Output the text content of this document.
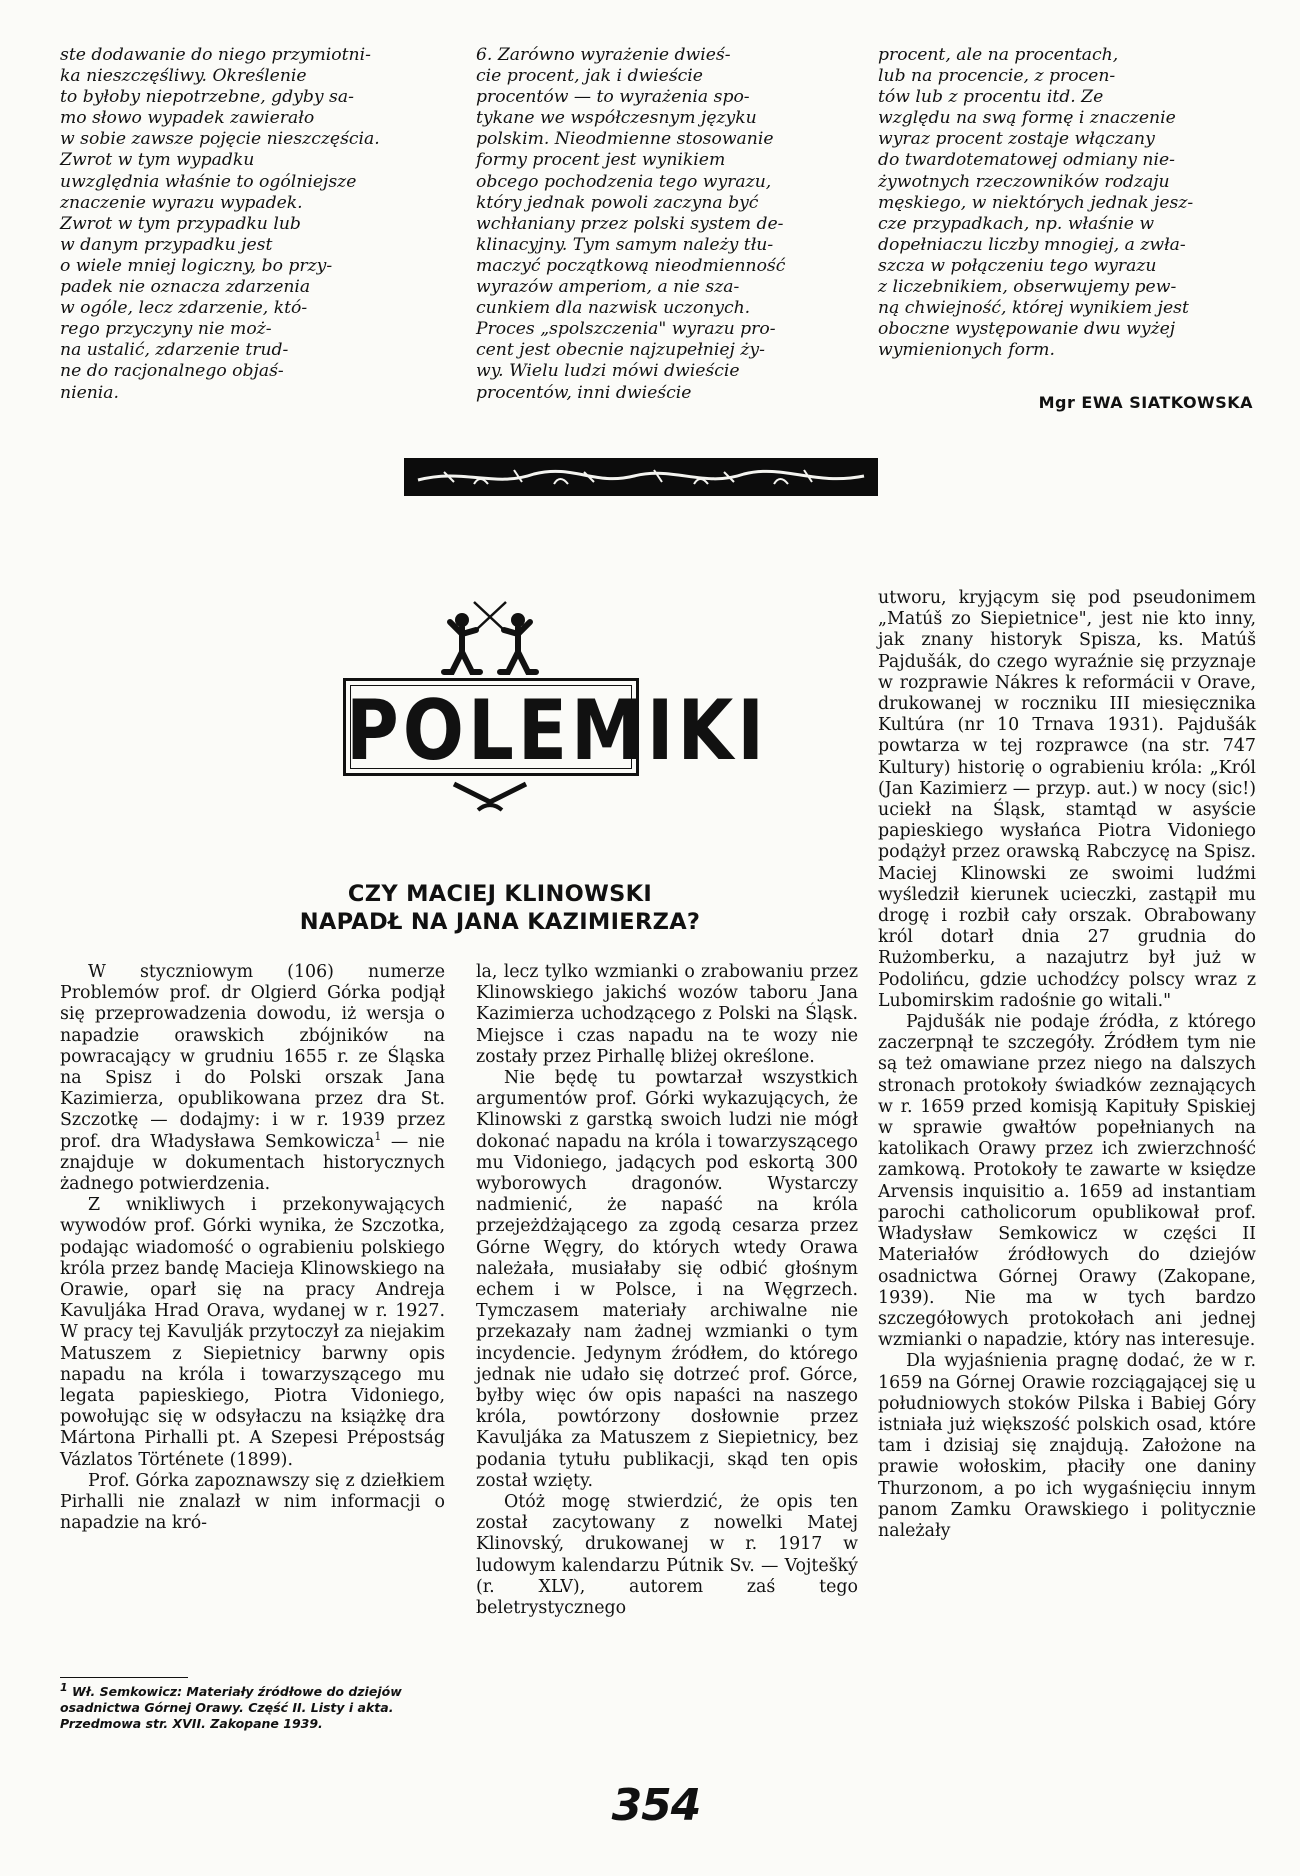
ste dodawanie do niego przymiotni-
ka nieszczęśliwy. Określenie
to byłoby niepotrzebne, gdyby sa-
mo słowo wypadek zawierało
w sobie zawsze pojęcie nieszczęścia.
Zwrot w tym wypadku
uwzględnia właśnie to ogólniejsze
znaczenie wyrazu wypadek.
Zwrot w tym przypadku lub
w danym przypadku jest
o wiele mniej logiczny, bo przy-
padek nie oznacza zdarzenia
w ogóle, lecz zdarzenie, któ-
rego przyczyny nie moż-
na ustalić, zdarzenie trud-
ne do racjonalnego objaś-
nienia.
6. Zarówno wyrażenie dwieś-
cie procent, jak i dwieście
procentów — to wyrażenia spo-
tykane we współczesnym języku
polskim. Nieodmienne stosowanie
formy procent jest wynikiem
obcego pochodzenia tego wyrazu,
który jednak powoli zaczyna być
wchłaniany przez polski system de-
klinacyjny. Tym samym należy tłu-
maczyć początkową nieodmienność
wyrazów amperiom, a nie sza-
cunkiem dla nazwisk uczonych.
Proces „spolszczenia" wyrazu pro-
cent jest obecnie najzupełniej ży-
wy. Wielu ludzi mówi dwieście
procentów, inni dwieście
procent, ale na procentach,
lub na procencie, z procen-
tów lub z procentu itd. Ze
względu na swą formę i znaczenie
wyraz procent zostaje włączany
do twardotematowej odmiany nie-
żywotnych rzeczowników rodzaju
męskiego, w niektórych jednak jesz-
cze przypadkach, np. właśnie w
dopełniaczu liczby mnogiej, a zwła-
szcza w połączeniu tego wyrazu
z liczebnikiem, obserwujemy pew-
ną chwiejność, której wynikiem jest
oboczne występowanie dwu wyżej
wymienionych form.
Mgr EWA SIATKOWSKA
POLEMIKI
CZY MACIEJ KLINOWSKI
NAPADŁ NA JANA KAZIMIERZA?

W styczniowym (106) numerze Problemów prof. dr Olgierd Górka podjął się przeprowadzenia dowodu, iż wersja o napadzie orawskich zbójników na powracający w grudniu 1655 r. ze Śląska na Spisz i do Polski orszak Jana Kazimierza, opublikowana przez dra St. Szczotkę — dodajmy: i w r. 1939 przez prof. dra Władysława Semkowicza$^1$ — nie znajduje w dokumentach historycznych żadnego potwierdzenia.

Z wnikliwych i przekonywających wywodów prof. Górki wynika, że Szczotka, podając wiadomość o ograbieniu polskiego króla przez bandę Macieja Klinowskiego na Orawie, oparł się na pracy Andreja Kavuljáka Hrad Orava, wydanej w r. 1927. W pracy tej Kavulják przytoczył za niejakim Matuszem z Siepietnicy barwny opis napadu na króla i towarzyszącego mu legata papieskiego, Piotra Vidoniego, powołując się w odsyłaczu na książkę dra Mártona Pirhalli pt. A Szepesi Prépostság Vázlatos Története (1899).

Prof. Górka zapoznawszy się z dziełkiem Pirhalli nie znalazł w nim informacji o napadzie na kró-

$^1$ Wł. Semkowicz: Materiały źródłowe do dziejów osadnictwa Górnej Orawy. Część II. Listy i akta. Przedmowa str. XVII. Zakopane 1939.

la, lecz tylko wzmianki o zrabowaniu przez Klinowskiego jakichś wozów taboru Jana Kazimierza uchodzącego z Polski na Śląsk. Miejsce i czas napadu na te wozy nie zostały przez Pirhallę bliżej określone.

Nie będę tu powtarzał wszystkich argumentów prof. Górki wykazujących, że Klinowski z garstką swoich ludzi nie mógł dokonać napadu na króla i towarzyszącego mu Vidoniego, jadących pod eskortą 300 wyborowych dragonów. Wystarczy nadmienić, że napaść na króla przejeżdżającego za zgodą cesarza przez Górne Węgry, do których wtedy Orawa należała, musiałaby się odbić głośnym echem i w Polsce, i na Węgrzech. Tymczasem materiały archiwalne nie przekazały nam żadnej wzmianki o tym incydencie. Jedynym źródłem, do którego jednak nie udało się dotrzeć prof. Górce, byłby więc ów opis napaści na naszego króla, powtórzony dosłownie przez Kavuljáka za Matuszem z Siepietnicy, bez podania tytułu publikacji, skąd ten opis został wzięty.

Otóż mogę stwierdzić, że opis ten został zacytowany z nowelki Matej Klinovský, drukowanej w r. 1917 w ludowym kalendarzu Pútnik Sv. — Vojtešký (r. XLV), autorem zaś tego beletrystycznego

utworu, kryjącym się pod pseudonimem „Matúš zo Siepietnice", jest nie kto inny, jak znany historyk Spisza, ks. Matúš Pajdušák, do czego wyraźnie się przyznaje w rozprawie Nákres k reformácii v Orave, drukowanej w roczniku III miesięcznika Kultúra (nr 10 Trnava 1931). Pajdušák powtarza w tej rozprawce (na str. 747 Kultury) historię o ograbieniu króla: „Król (Jan Kazimierz — przyp. aut.) w nocy (sic!) uciekł na Śląsk, stamtąd w asyście papieskiego wysłańca Piotra Vidoniego podążył przez orawską Rabczycę na Spisz. Maciej Klinowski ze swoimi ludźmi wyśledził kierunek ucieczki, zastąpił mu drogę i rozbił cały orszak. Obrabowany król dotarł dnia 27 grudnia do Rużomberku, a nazajutrz był już w Podolińcu, gdzie uchodźcy polscy wraz z Lubomirskim radośnie go witali."

Pajdušák nie podaje źródła, z którego zaczerpnął te szczegóły. Źródłem tym nie są też omawiane przez niego na dalszych stronach protokoły świadków zeznających w r. 1659 przed komisją Kapituły Spiskiej w sprawie gwałtów popełnianych na katolikach Orawy przez ich zwierzchność zamkową. Protokoły te zawarte w księdze Arvensis inquisitio a. 1659 ad instantiam parochi catholicorum opublikował prof. Władysław Semkowicz w części II Materiałów źródłowych do dziejów osadnictwa Górnej Orawy (Zakopane, 1939). Nie ma w tych bardzo szczegółowych protokołach ani jednej wzmianki o napadzie, który nas interesuje.

Dla wyjaśnienia pragnę dodać, że w r. 1659 na Górnej Orawie rozciągającej się u południowych stoków Pilska i Babiej Góry istniała już większość polskich osad, które tam i dzisiaj się znajdują. Założone na prawie wołoskim, płaciły one daniny Thurzonom, a po ich wygaśnięciu innym panom Zamku Orawskiego i politycznie należały

354
